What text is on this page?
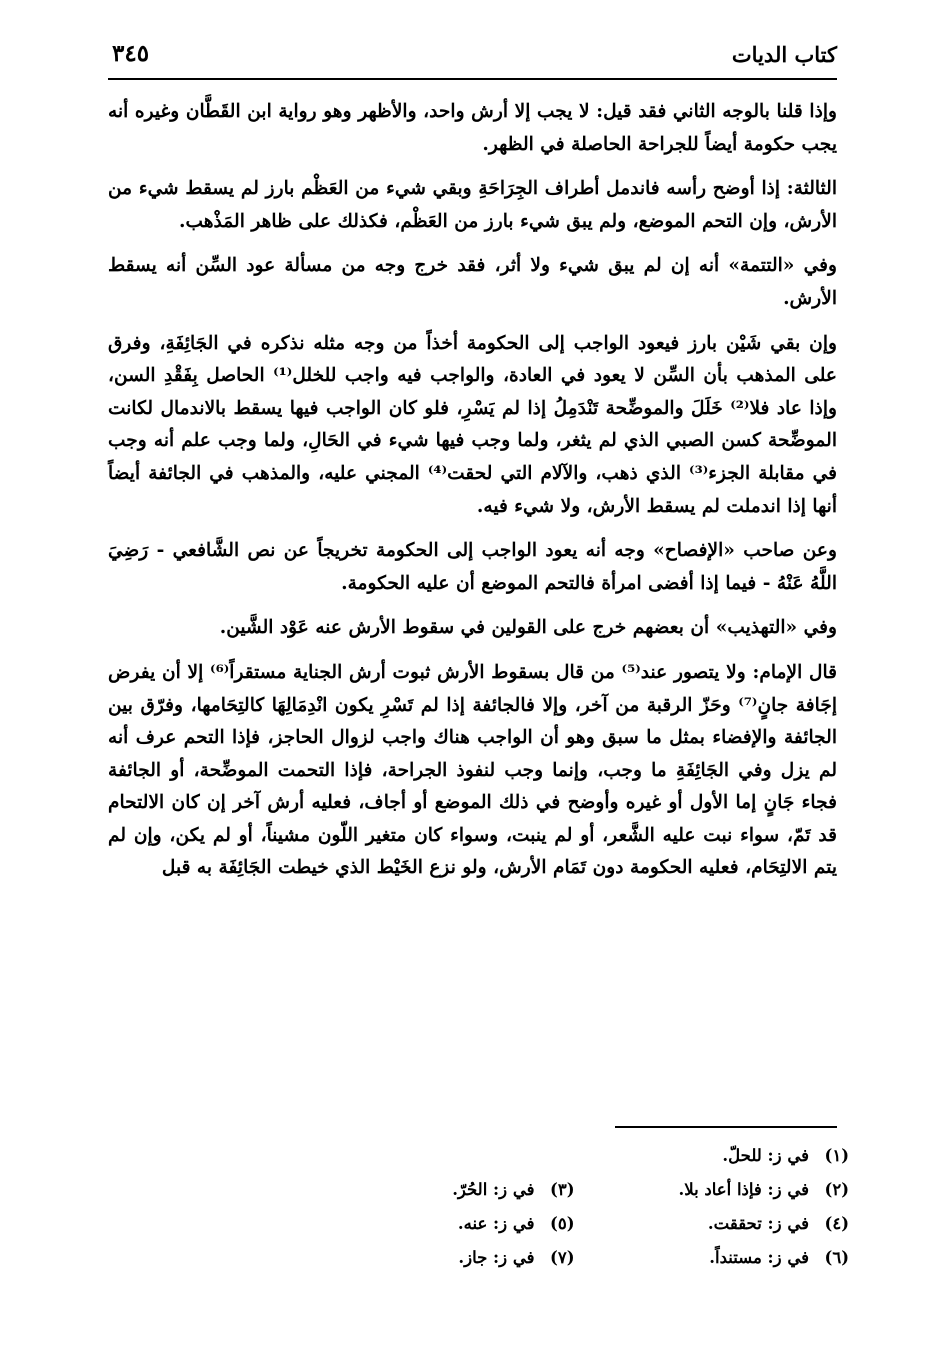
كتاب الديات
٣٤٥

وإذا قلنا بالوجه الثاني فقد قيل: لا يجب إلا أرش واحد، والأظهر وهو رواية ابن القَطَّان وغيره أنه يجب حكومة أيضاً للجراحة الحاصلة في الظهر.

الثالثة: إذا أوضح رأسه فاندمل أطراف الجِرَاحَةِ وبقي شيء من العَظْم بارز لم يسقط شيء من الأرش، وإن التحم الموضع، ولم يبق شيء بارز من العَظْم، فكذلك على ظاهر المَذْهب.

وفي «التتمة» أنه إن لم يبق شيء ولا أثر، فقد خرج وجه من مسألة عود السِّن أنه يسقط الأرش.

وإن بقي شَيْن بارز فيعود الواجب إلى الحكومة أخذاً من وجه مثله نذكره في الجَائِفَةِ، وفرق على المذهب بأن السِّن لا يعود في العادة، والواجب فيه واجب للخلل⁽¹⁾ الحاصل بِفَقْدِ السن، وإذا عاد فلا⁽²⁾ خَلَلَ والموضِّحة تَنْدَمِلُ إذا لم يَسْرِ، فلو كان الواجب فيها يسقط بالاندمال لكانت الموضِّحة كسن الصبي الذي لم يثغر، ولما وجب فيها شيء في الحَالِ، ولما وجب علم أنه وجب في مقابلة الجزء⁽³⁾ الذي ذهب، والآلام التي لحقت⁽⁴⁾ المجني عليه، والمذهب في الجائفة أيضاً أنها إذا اندملت لم يسقط الأرش، ولا شيء فيه.

وعن صاحب «الإفصاح» وجه أنه يعود الواجب إلى الحكومة تخريجاً عن نص الشَّافعي - رَضِيَ اللَّهُ عَنْهُ - فيما إذا أفضى امرأة فالتحم الموضع أن عليه الحكومة.

وفي «التهذيب» أن بعضهم خرج على القولين في سقوط الأرش عنه عَوْد الشَّين.

قال الإمام: ولا يتصور عند⁽⁵⁾ من قال بسقوط الأرش ثبوت أرش الجناية مستقراً⁽⁶⁾ إلا أن يفرض إجَافة جانٍ⁽⁷⁾ وحَزّ الرقبة من آخر، وإلا فالجائفة إذا لم تَسْرِ يكون انْدِمَالِهَا كالتِحَامها، وفرّق بين الجائفة والإفضاء بمثل ما سبق وهو أن الواجب هناك واجب لزوال الحاجز، فإذا التحم عرف أنه لم يزل وفي الجَائِفَةِ ما وجب، وإنما وجب لنفوذ الجراحة، فإذا التحمت الموضِّحة، أو الجائفة فجاء جَانٍ إما الأول أو غيره وأوضح في ذلك الموضع أو أجاف، فعليه أرش آخر إن كان الالتحام قد تَمّ، سواء نبت عليه الشَّعر، أو لم ينبت، وسواء كان متغير اللّون مشيناً، أو لم يكن، وإن لم يتم الالتِحَام، فعليه الحكومة دون تَمَام الأرش، ولو نزع الخَيْط الذي خيطت الجَائِفَة به قبل

(١)في ز: للحلّ.
(٢)في ز: فإذا أعاد بلا.
(٣)في ز: الحُرّ.
(٤)في ز: تحققت.
(٥)في ز: عنه.
(٦)في ز: مستنداً.
(٧)في ز: جاز.
